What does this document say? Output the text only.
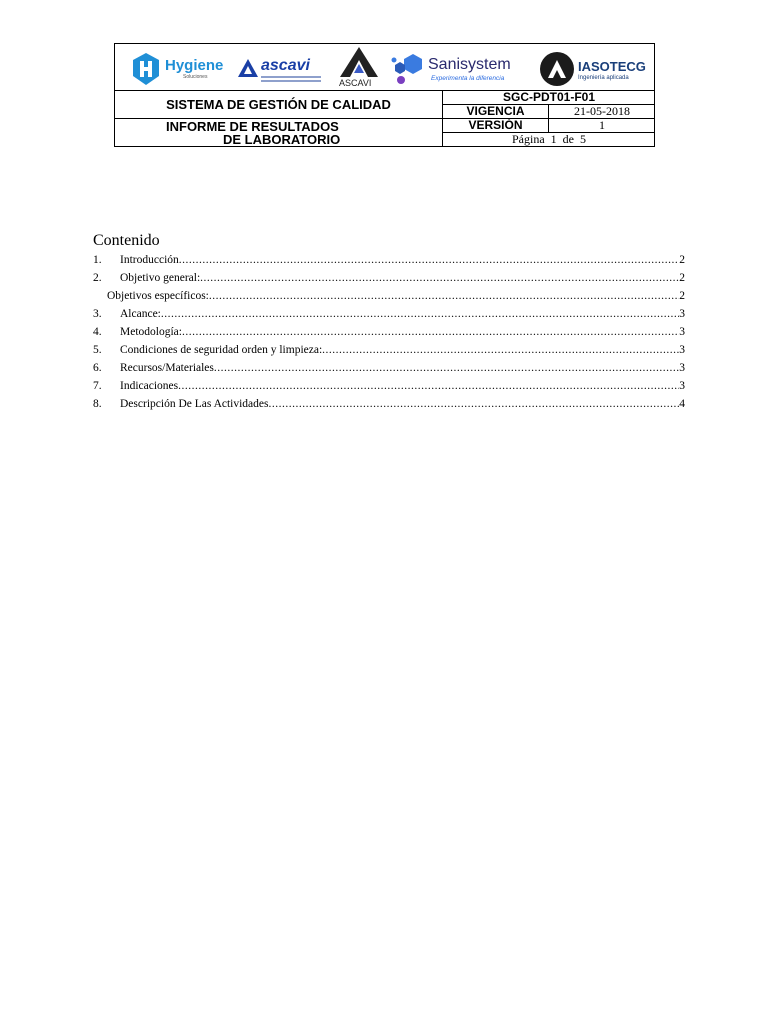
Hygiene
Soluciones
ascavi
ASCAVI
Sanisystem
Experimenta la diferencia
IASOTECG
Ingeniería aplicada
SISTEMA DE GESTIÓN DE CALIDAD
INFORME DE RESULTADOS
DE LABORATORIO
SGC-PDT01-F01
VIGENCIA	21-05-2018
VERSIÓN	1
Página  1  de  5
Contenido
1.	Introducción .....	2
2.	Objetivo general: .....	2
Objetivos específicos: .....	2
3.	Alcance: .....	3
4.	Metodología: .....	3
5.	Condiciones de seguridad orden y limpieza: .....	3
6.	Recursos/Materiales .....	3
7.	Indicaciones .....	3
8.	Descripción De Las Actividades .....	4
